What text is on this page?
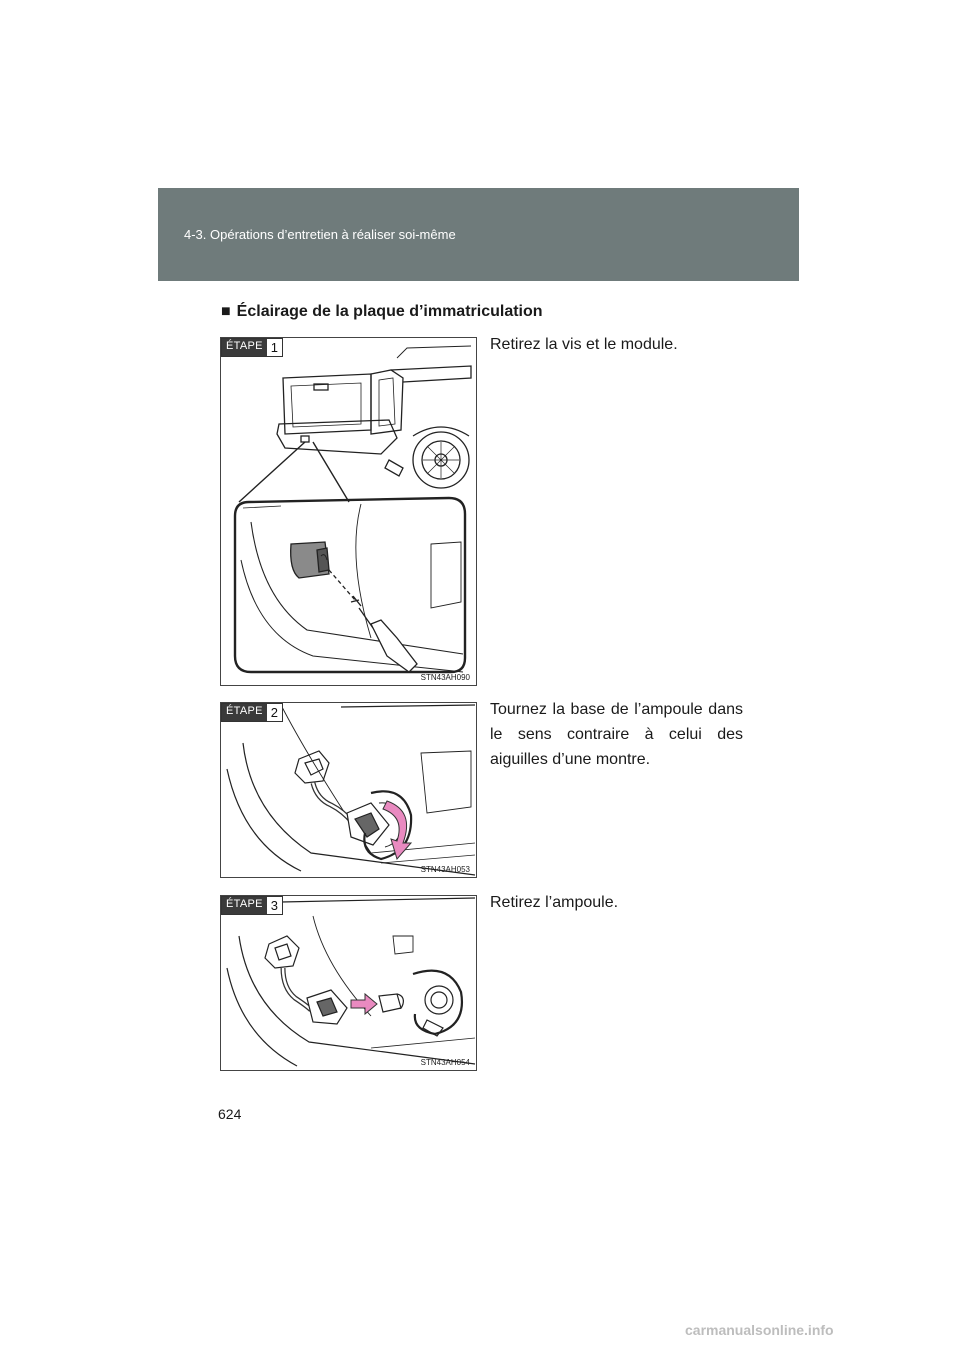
4-3. Opérations d’entretien à réaliser soi-même
■ Éclairage de la plaque d’immatriculation
ÉTAPE 1
STN43AH090
Retirez la vis et le module.
ÉTAPE 2
STN43AH053
Tournez la base de l’ampoule dans le sens contraire à celui des aiguilles d’une montre.
ÉTAPE 3
STN43AH054
Retirez l’ampoule.
624
carmanualsonline.info
